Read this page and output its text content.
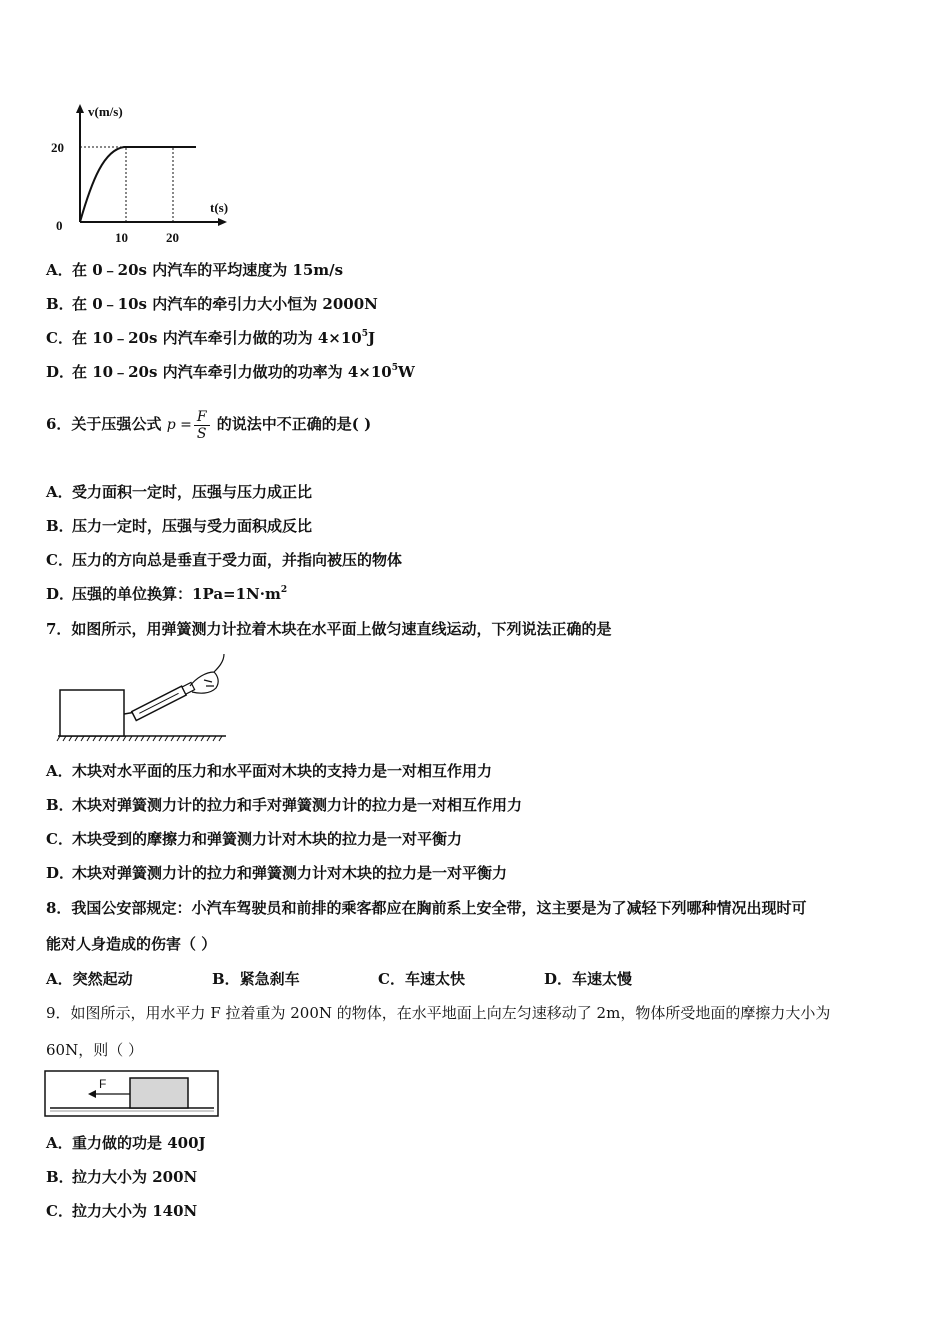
v(m/s)
t(s)
20
0
10	20
A．在 0﹣20s 内汽车的平均速度为 15m/s
B．在 0﹣10s 内汽车的牵引力大小恒为 2000N
C．在 10﹣20s 内汽车牵引力做的功为 $4\times 10^5J$
D．在 10﹣20s 内汽车牵引力做功的功率为 $4\times 10^5W$
6．关于压强公式 $p = \frac{F}{S}$ 的说法中不正确的是( )
A．受力面积一定时，压强与压力成正比
B．压力一定时，压强与受力面积成反比
C．压力的方向总是垂直于受力面，并指向被压的物体
D．压强的单位换算：$1Pa=1N\cdot m^2$
7．如图所示，用弹簧测力计拉着木块在水平面上做匀速直线运动，下列说法正确的是
A．木块对水平面的压力和水平面对木块的支持力是一对相互作用力
B．木块对弹簧测力计的拉力和手对弹簧测力计的拉力是一对相互作用力
C．木块受到的摩擦力和弹簧测力计对木块的拉力是一对平衡力
D．木块对弹簧测力计的拉力和弹簧测力计对木块的拉力是一对平衡力
8．我国公安部规定：小汽车驾驶员和前排的乘客都应在胸前系上安全带，这主要是为了减轻下列哪种情况出现时可
能对人身造成的伤害（ ）
A．突然起动	B．紧急刹车	C．车速太快	D．车速太慢
9．如图所示，用水平力 F 拉着重为 200N 的物体，在水平地面上向左匀速移动了 2m，物体所受地面的摩擦力大小为
60N，则（ ）
F
A．重力做的功是 400J
B．拉力大小为 200N
C．拉力大小为 140N
